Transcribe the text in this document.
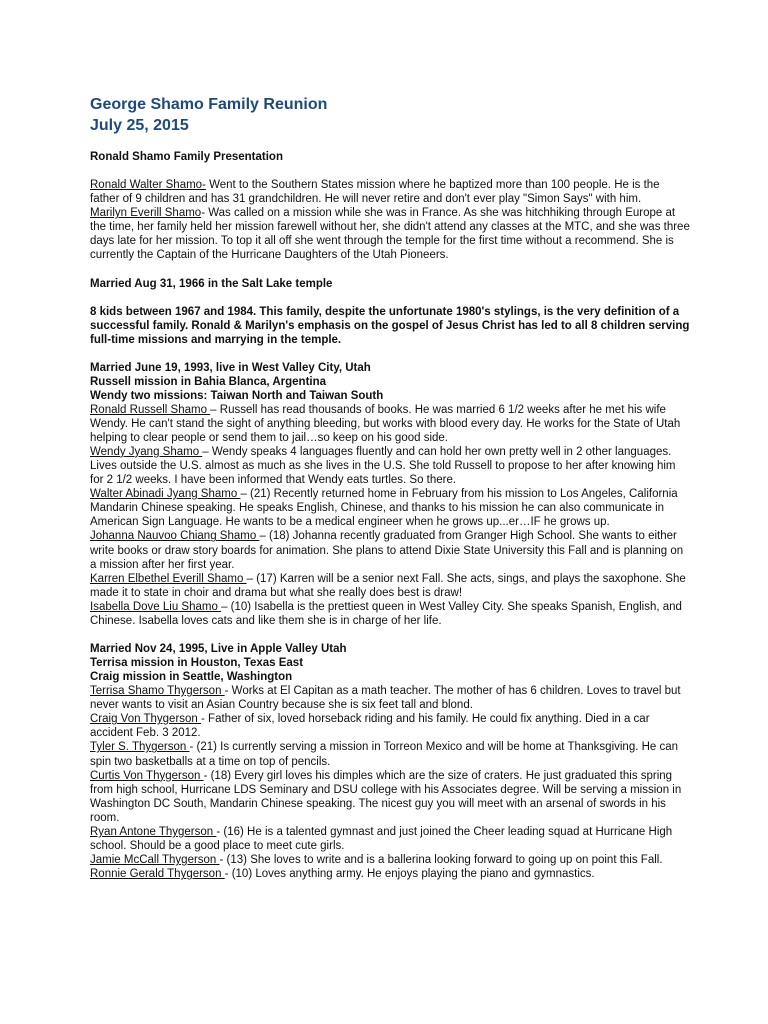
George Shamo Family Reunion
July 25, 2015

Ronald Shamo Family Presentation

Ronald Walter Shamo- Went to the Southern States mission where he baptized more than 100 people. He is the father of 9 children and has 31 grandchildren. He will never retire and don't ever play "Simon Says" with him.

Marilyn Everill Shamo- Was called on a mission while she was in France. As she was hitchhiking through Europe at the time, her family held her mission farewell without her, she didn't attend any classes at the MTC, and she was three days late for her mission. To top it all off she went through the temple for the first time without a recommend. She is currently the Captain of the Hurricane Daughters of the Utah Pioneers.

Married Aug 31, 1966 in the Salt Lake temple

8 kids between 1967 and 1984. This family, despite the unfortunate 1980's stylings, is the very definition of a successful family. Ronald & Marilyn's emphasis on the gospel of Jesus Christ has led to all 8 children serving full-time missions and marrying in the temple.

Married June 19, 1993, live in West Valley City, Utah

Russell mission in Bahia Blanca, Argentina

Wendy two missions: Taiwan North and Taiwan South

Ronald Russell Shamo – Russell has read thousands of books. He was married 6 1/2 weeks after he met his wife Wendy. He can't stand the sight of anything bleeding, but works with blood every day. He works for the State of Utah helping to clear people or send them to jail…so keep on his good side.

Wendy Jyang Shamo – Wendy speaks 4 languages fluently and can hold her own pretty well in 2 other languages. Lives outside the U.S. almost as much as she lives in the U.S. She told Russell to propose to her after knowing him for 2 1/2 weeks. I have been informed that Wendy eats turtles. So there.

Walter Abinadi Jyang Shamo – (21) Recently returned home in February from his mission to Los Angeles, California Mandarin Chinese speaking. He speaks English, Chinese, and thanks to his mission he can also communicate in American Sign Language. He wants to be a medical engineer when he grows up...er…IF he grows up.

Johanna Nauvoo Chiang Shamo – (18) Johanna recently graduated from Granger High School. She wants to either write books or draw story boards for animation. She plans to attend Dixie State University this Fall and is planning on a mission after her first year.

Karren Elbethel Everill Shamo – (17) Karren will be a senior next Fall. She acts, sings, and plays the saxophone. She made it to state in choir and drama but what she really does best is draw!

Isabella Dove Liu Shamo – (10) Isabella is the prettiest queen in West Valley City. She speaks Spanish, English, and Chinese. Isabella loves cats and like them she is in charge of her life.

Married Nov 24, 1995, Live in Apple Valley Utah

Terrisa mission in Houston, Texas East

Craig mission in Seattle, Washington

Terrisa Shamo Thygerson - Works at El Capitan as a math teacher. The mother of has 6 children. Loves to travel but never wants to visit an Asian Country because she is six feet tall and blond.

Craig Von Thygerson - Father of six, loved horseback riding and his family. He could fix anything. Died in a car accident Feb. 3 2012.

Tyler S. Thygerson - (21) Is currently serving a mission in Torreon Mexico and will be home at Thanksgiving. He can spin two basketballs at a time on top of pencils.

Curtis Von Thygerson - (18) Every girl loves his dimples which are the size of craters. He just graduated this spring from high school, Hurricane LDS Seminary and DSU college with his Associates degree. Will be serving a mission in Washington DC South, Mandarin Chinese speaking. The nicest guy you will meet with an arsenal of swords in his room.

Ryan Antone Thygerson - (16) He is a talented gymnast and just joined the Cheer leading squad at Hurricane High school. Should be a good place to meet cute girls.

Jamie McCall Thygerson - (13) She loves to write and is a ballerina looking forward to going up on point this Fall.

Ronnie Gerald Thygerson - (10) Loves anything army. He enjoys playing the piano and gymnastics.
